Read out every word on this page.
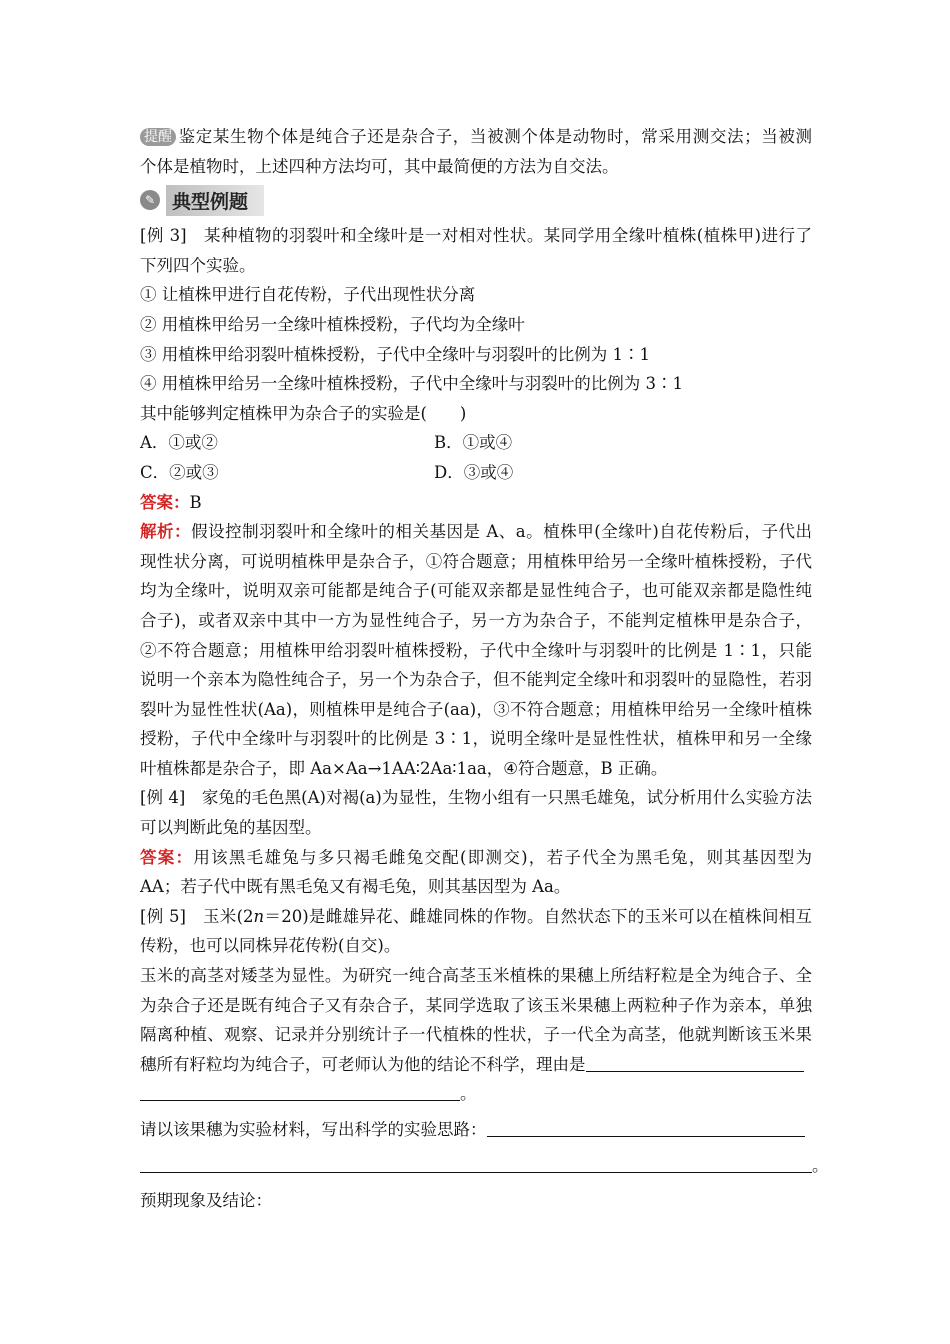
提醒 鉴定某生物个体是纯合子还是杂合子，当被测个体是动物时，常采用测交法；当被测
个体是植物时，上述四种方法均可，其中最简便的方法为自交法。
✎ 典型例题
[例 3]　某种植物的羽裂叶和全缘叶是一对相对性状。某同学用全缘叶植株(植株甲)进行了
下列四个实验。
① 让植株甲进行自花传粉，子代出现性状分离
② 用植株甲给另一全缘叶植株授粉，子代均为全缘叶
③ 用植株甲给羽裂叶植株授粉，子代中全缘叶与羽裂叶的比例为 1∶1
④ 用植株甲给另一全缘叶植株授粉，子代中全缘叶与羽裂叶的比例为 3∶1
其中能够判定植株甲为杂合子的实验是(　　)
A．①或②	B．①或④
C．②或③	D．③或④
答案：B
解析：假设控制羽裂叶和全缘叶的相关基因是 A、a。植株甲(全缘叶)自花传粉后，子代出
现性状分离，可说明植株甲是杂合子，①符合题意；用植株甲给另一全缘叶植株授粉，子代
均为全缘叶，说明双亲可能都是纯合子(可能双亲都是显性纯合子，也可能双亲都是隐性纯
合子)，或者双亲中其中一方为显性纯合子，另一方为杂合子，不能判定植株甲是杂合子，
②不符合题意；用植株甲给羽裂叶植株授粉，子代中全缘叶与羽裂叶的比例是 1∶1，只能
说明一个亲本为隐性纯合子，另一个为杂合子，但不能判定全缘叶和羽裂叶的显隐性，若羽
裂叶为显性性状(Aa)，则植株甲是纯合子(aa)，③不符合题意；用植株甲给另一全缘叶植株
授粉，子代中全缘叶与羽裂叶的比例是 3∶1，说明全缘叶是显性性状，植株甲和另一全缘
叶植株都是杂合子，即 Aa×Aa→1AA∶2Aa∶1aa，④符合题意，B 正确。
[例 4]　家兔的毛色黑(A)对褐(a)为显性，生物小组有一只黑毛雄兔，试分析用什么实验方法
可以判断此兔的基因型。
答案：用该黑毛雄兔与多只褐毛雌兔交配(即测交)，若子代全为黑毛兔，则其基因型为
AA；若子代中既有黑毛兔又有褐毛兔，则其基因型为 Aa。
[例 5]　玉米(2n＝20)是雌雄异花、雌雄同株的作物。自然状态下的玉米可以在植株间相互
传粉，也可以同株异花传粉(自交)。
玉米的高茎对矮茎为显性。为研究一纯合高茎玉米植株的果穗上所结籽粒是全为纯合子、全
为杂合子还是既有纯合子又有杂合子，某同学选取了该玉米果穗上两粒种子作为亲本，单独
隔离种植、观察、记录并分别统计子一代植株的性状，子一代全为高茎，他就判断该玉米果
穗所有籽粒均为纯合子，可老师认为他的结论不科学，理由是
。
请以该果穗为实验材料，写出科学的实验思路：
。
预期现象及结论：
